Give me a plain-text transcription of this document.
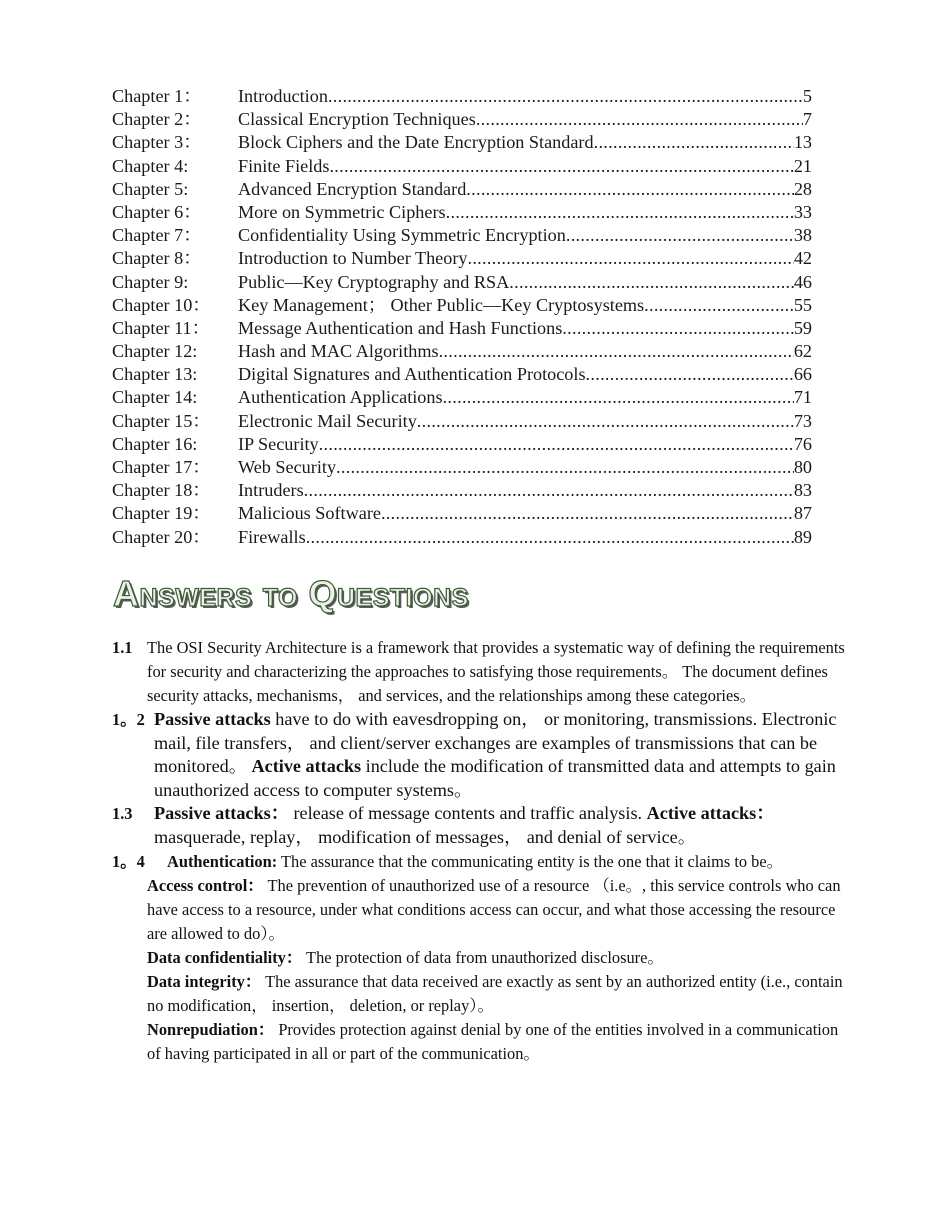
Chapter 1：	Introduction .....	5
Chapter 2：	Classical Encryption Techniques .....	7
Chapter 3：	Block Ciphers and the Date Encryption Standard .....	13
Chapter 4:	Finite Fields .....	21
Chapter 5:	Advanced Encryption Standard .....	28
Chapter 6：	More on Symmetric Ciphers .....	33
Chapter 7：	Confidentiality Using Symmetric Encryption .....	38
Chapter 8：	Introduction to Number Theory .....	42
Chapter 9:	Public—Key Cryptography and RSA .....	46
Chapter 10：	Key Management； Other Public—Key Cryptosystems .....	55
Chapter 11：	Message Authentication and Hash Functions .....	59
Chapter 12:	Hash and MAC Algorithms .....	62
Chapter 13:	Digital Signatures and Authentication Protocols .....	66
Chapter 14:	Authentication Applications .....	71
Chapter 15：	Electronic Mail Security .....	73
Chapter 16:	IP Security .....	76
Chapter 17：	Web Security .....	80
Chapter 18：	Intruders .....	83
Chapter 19：	Malicious Software .....	87
Chapter 20：	Firewalls .....	89
Answers to Questions
1.1 The OSI Security Architecture is a framework that provides a systematic way of defining the requirements for security and characterizing the approaches to satisfying those requirements。 The document defines security attacks, mechanisms， and services, and the relationships among these categories。
1。2 Passive attacks have to do with eavesdropping on， or monitoring, transmissions. Electronic mail, file transfers， and client/server exchanges are examples of transmissions that can be monitored。 Active attacks include the modification of transmitted data and attempts to gain unauthorized access to computer systems。
1.3 Passive attacks： release of message contents and traffic analysis. Active attacks： masquerade, replay， modification of messages， and denial of service。
1。4	Authentication: The assurance that the communicating entity is the one that it claims to be。
Access control： The prevention of unauthorized use of a resource （i.e。, this service controls who can have access to a resource, under what conditions access can occur, and what those accessing the resource are allowed to do）。
Data confidentiality： The protection of data from unauthorized disclosure。
Data integrity： The assurance that data received are exactly as sent by an authorized entity (i.e., contain no modification， insertion， deletion, or replay）。
Nonrepudiation： Provides protection against denial by one of the entities involved in a communication of having participated in all or part of the communication。
